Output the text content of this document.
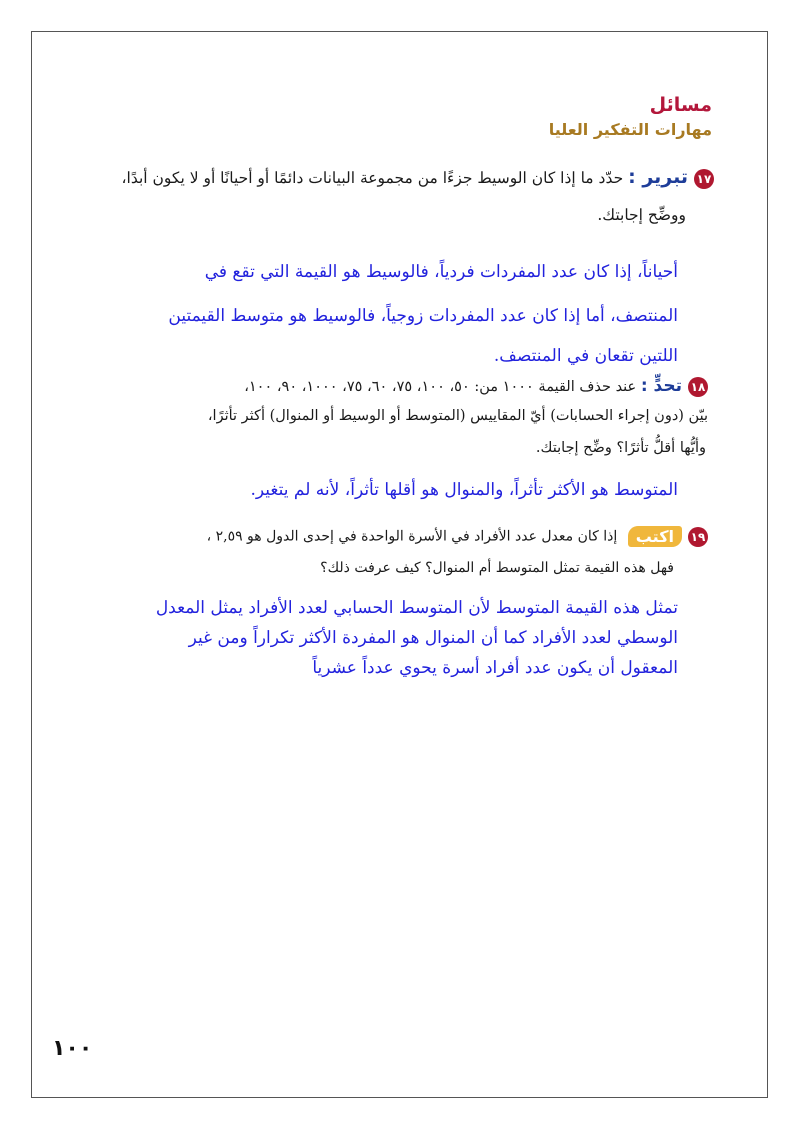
مسائل
مهارات التفكير العليا
١٧تبرير : حدّد ما إذا كان الوسيط جزءًا من مجموعة البيانات دائمًا أو أحيانًا أو لا يكون أبدًا،
ووضِّح إجابتك.
أحياناً، إذا كان عدد المفردات فردياً، فالوسيط هو القيمة التي تقع في
المنتصف، أما إذا كان عدد المفردات زوجياً، فالوسيط هو متوسط القيمتين
اللتين تقعان في المنتصف.
١٨تحدٍّ : عند حذف القيمة ١٠٠٠ من: ٥٠، ١٠٠، ٧٥، ٦٠، ٧٥، ١٠٠٠، ٩٠، ١٠٠،
بيّن (دون إجراء الحسابات) أيّ المقاييس (المتوسط أو الوسيط أو المنوال) أكثر تأثرًا،
وأيُّها أقلُّ تأثرًا؟ وضِّح إجابتك.
المتوسط هو الأكثر تأثراً، والمنوال هو أقلها تأثراً، لأنه لم يتغير.
١٩اكتب إذا كان معدل عدد الأفراد في الأسرة الواحدة في إحدى الدول هو ٢,٥٩ ،
فهل هذه القيمة تمثل المتوسط أم المنوال؟ كيف عرفت ذلك؟
تمثل هذه القيمة المتوسط لأن المتوسط الحسابي لعدد الأفراد يمثل المعدل
الوسطي لعدد الأفراد كما أن المنوال هو المفردة الأكثر تكراراً ومن غير
المعقول أن يكون عدد أفراد أسرة يحوي عدداً عشرياً
١٠٠
